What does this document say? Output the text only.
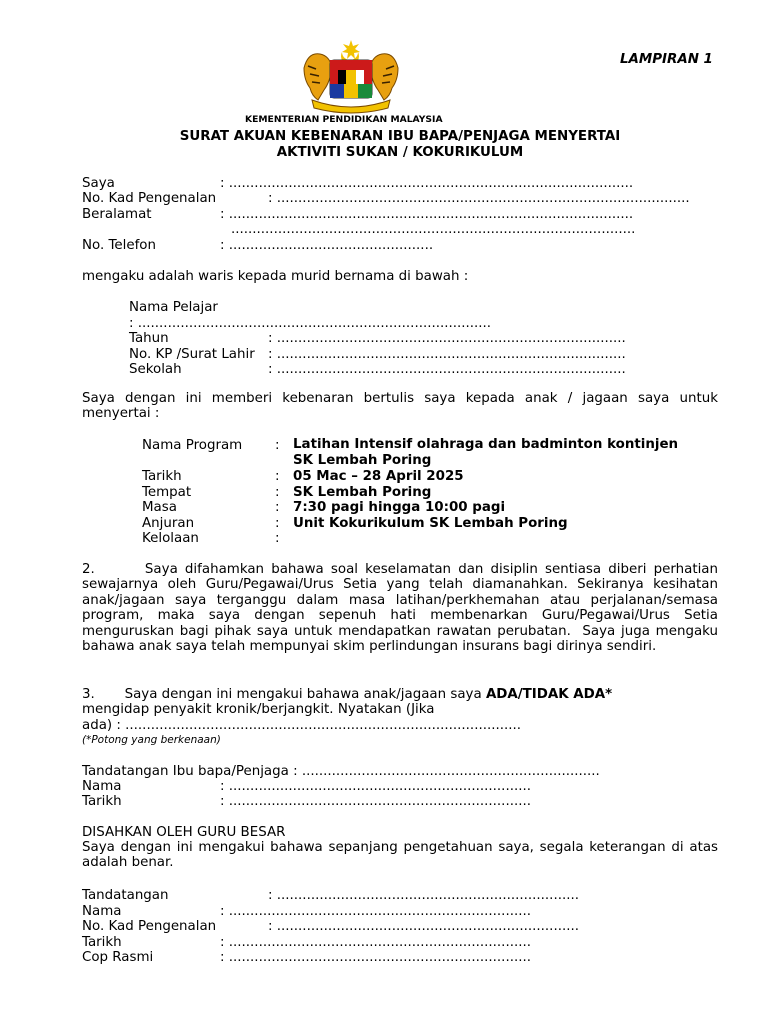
LAMPIRAN 1
KEMENTERIAN PENDIDIKAN MALAYSIA
SURAT AKUAN KEBENARAN IBU BAPA/PENJAGA MENYERTAI
AKTIVITI SUKAN / KOKURIKULUM
Saya	: ...............................................................................................
No. Kad Pengenalan	: .................................................................................................
Beralamat	: ...............................................................................................
...............................................................................................
No. Telefon	: ................................................
mengaku adalah waris kepada murid bernama di bawah :
Nama Pelajar
: ...................................................................................
Tahun	: ..................................................................................
No. KP /Surat Lahir : ..................................................................................
Sekolah	: ..................................................................................
Saya dengan ini memberi kebenaran bertulis saya kepada anak / jagaan saya untuk menyertai :
Nama Program : Latihan Intensif olahraga dan badminton kontinjen
SK Lembah Poring
Tarikh	: 05 Mac – 28 April 2025
Tempat	: SK Lembah Poring
Masa	: 7:30 pagi hingga 10:00 pagi
Anjuran	: Unit Kokurikulum SK Lembah Poring
Kelolaan	:
2.       Saya difahamkan bahawa soal keselamatan dan disiplin sentiasa diberi perhatian sewajarnya oleh Guru/Pegawai/Urus Setia yang telah diamanahkan. Sekiranya kesihatan anak/jagaan saya terganggu dalam masa latihan/perkhemahan atau perjalanan/semasa program, maka saya dengan sepenuh hati membenarkan Guru/Pegawai/Urus Setia menguruskan bagi pihak saya untuk mendapatkan rawatan perubatan.  Saya juga mengaku bahawa anak saya telah mempunyai skim perlindungan insurans bagi dirinya sendiri.
3.       Saya dengan ini mengakui bahawa anak/jagaan saya ADA/TIDAK ADA*
mengidap penyakit kronik/berjangkit. Nyatakan (Jika
ada) : .............................................................................................
(*Potong yang berkenaan)
Tandatangan Ibu bapa/Penjaga : ......................................................................
Nama	: .......................................................................
Tarikh	: .......................................................................
DISAHKAN OLEH GURU BESAR
Saya dengan ini mengakui bahawa sepanjang pengetahuan saya, segala keterangan di atas adalah benar.
Tandatangan	: .......................................................................
Nama	: .......................................................................
No. Kad Pengenalan	: .......................................................................
Tarikh	: .......................................................................
Cop Rasmi	: .......................................................................
